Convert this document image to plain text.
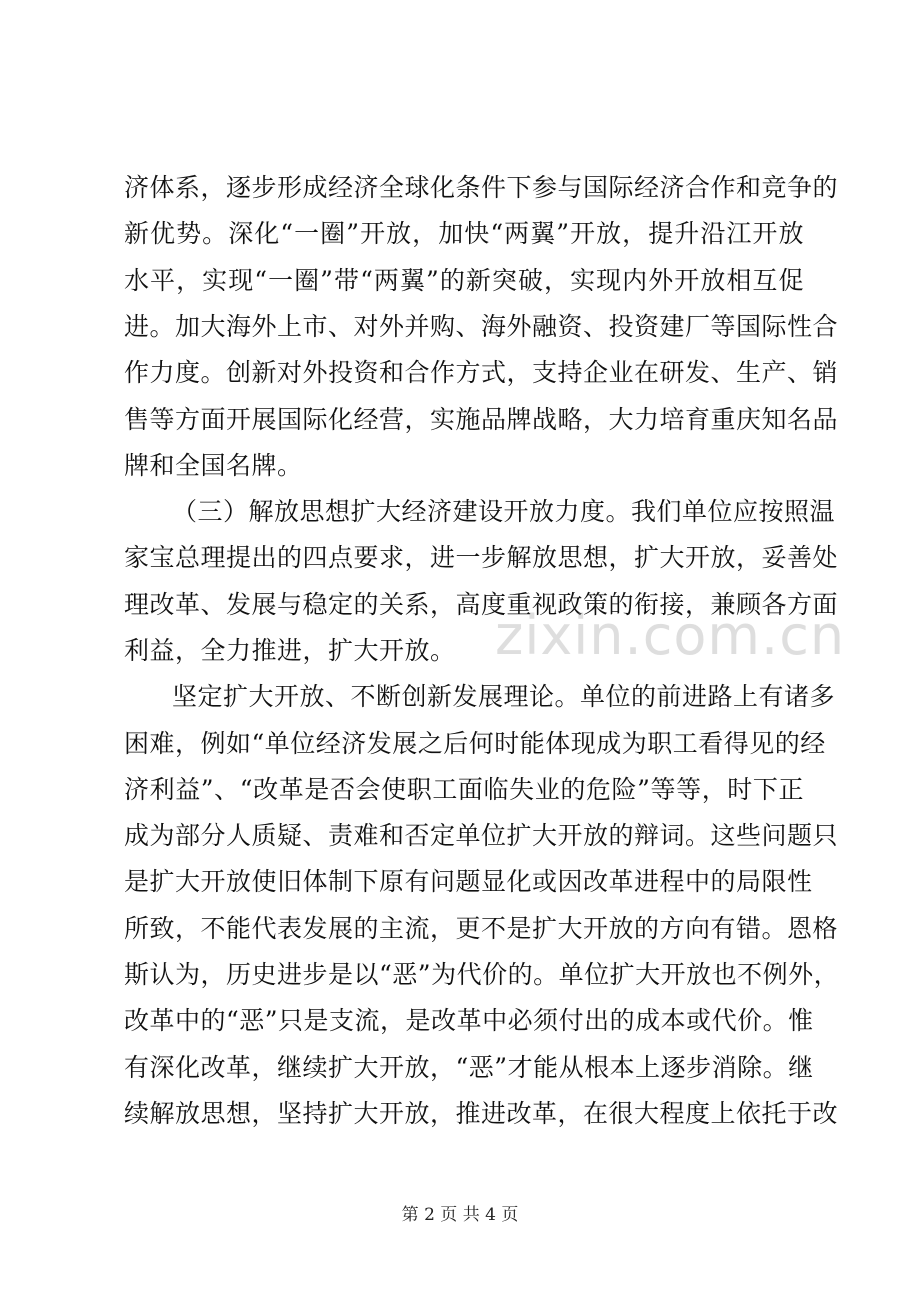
济体系，逐步形成经济全球化条件下参与国际经济合作和竞争的
新优势。深化“一圈”开放，加快“两翼”开放，提升沿江开放
水平，实现“一圈”带“两翼”的新突破，实现内外开放相互促
进。加大海外上市、对外并购、海外融资、投资建厂等国际性合
作力度。创新对外投资和合作方式，支持企业在研发、生产、销
售等方面开展国际化经营，实施品牌战略，大力培育重庆知名品
牌和全国名牌。
（三）解放思想扩大经济建设开放力度。我们单位应按照温
家宝总理提出的四点要求，进一步解放思想，扩大开放，妥善处
理改革、发展与稳定的关系，高度重视政策的衔接，兼顾各方面
利益，全力推进，扩大开放。
坚定扩大开放、不断创新发展理论。单位的前进路上有诸多
困难，例如“单位经济发展之后何时能体现成为职工看得见的经
济利益”、“改革是否会使职工面临失业的危险”等等，时下正
成为部分人质疑、责难和否定单位扩大开放的辩词。这些问题只
是扩大开放使旧体制下原有问题显化或因改革进程中的局限性
所致，不能代表发展的主流，更不是扩大开放的方向有错。恩格
斯认为，历史进步是以“恶”为代价的。单位扩大开放也不例外，
改革中的“恶”只是支流，是改革中必须付出的成本或代价。惟
有深化改革，继续扩大开放，“恶”才能从根本上逐步消除。继
续解放思想，坚持扩大开放，推进改革，在很大程度上依托于改
zixin.com.cn
第 2 页 共 4 页
